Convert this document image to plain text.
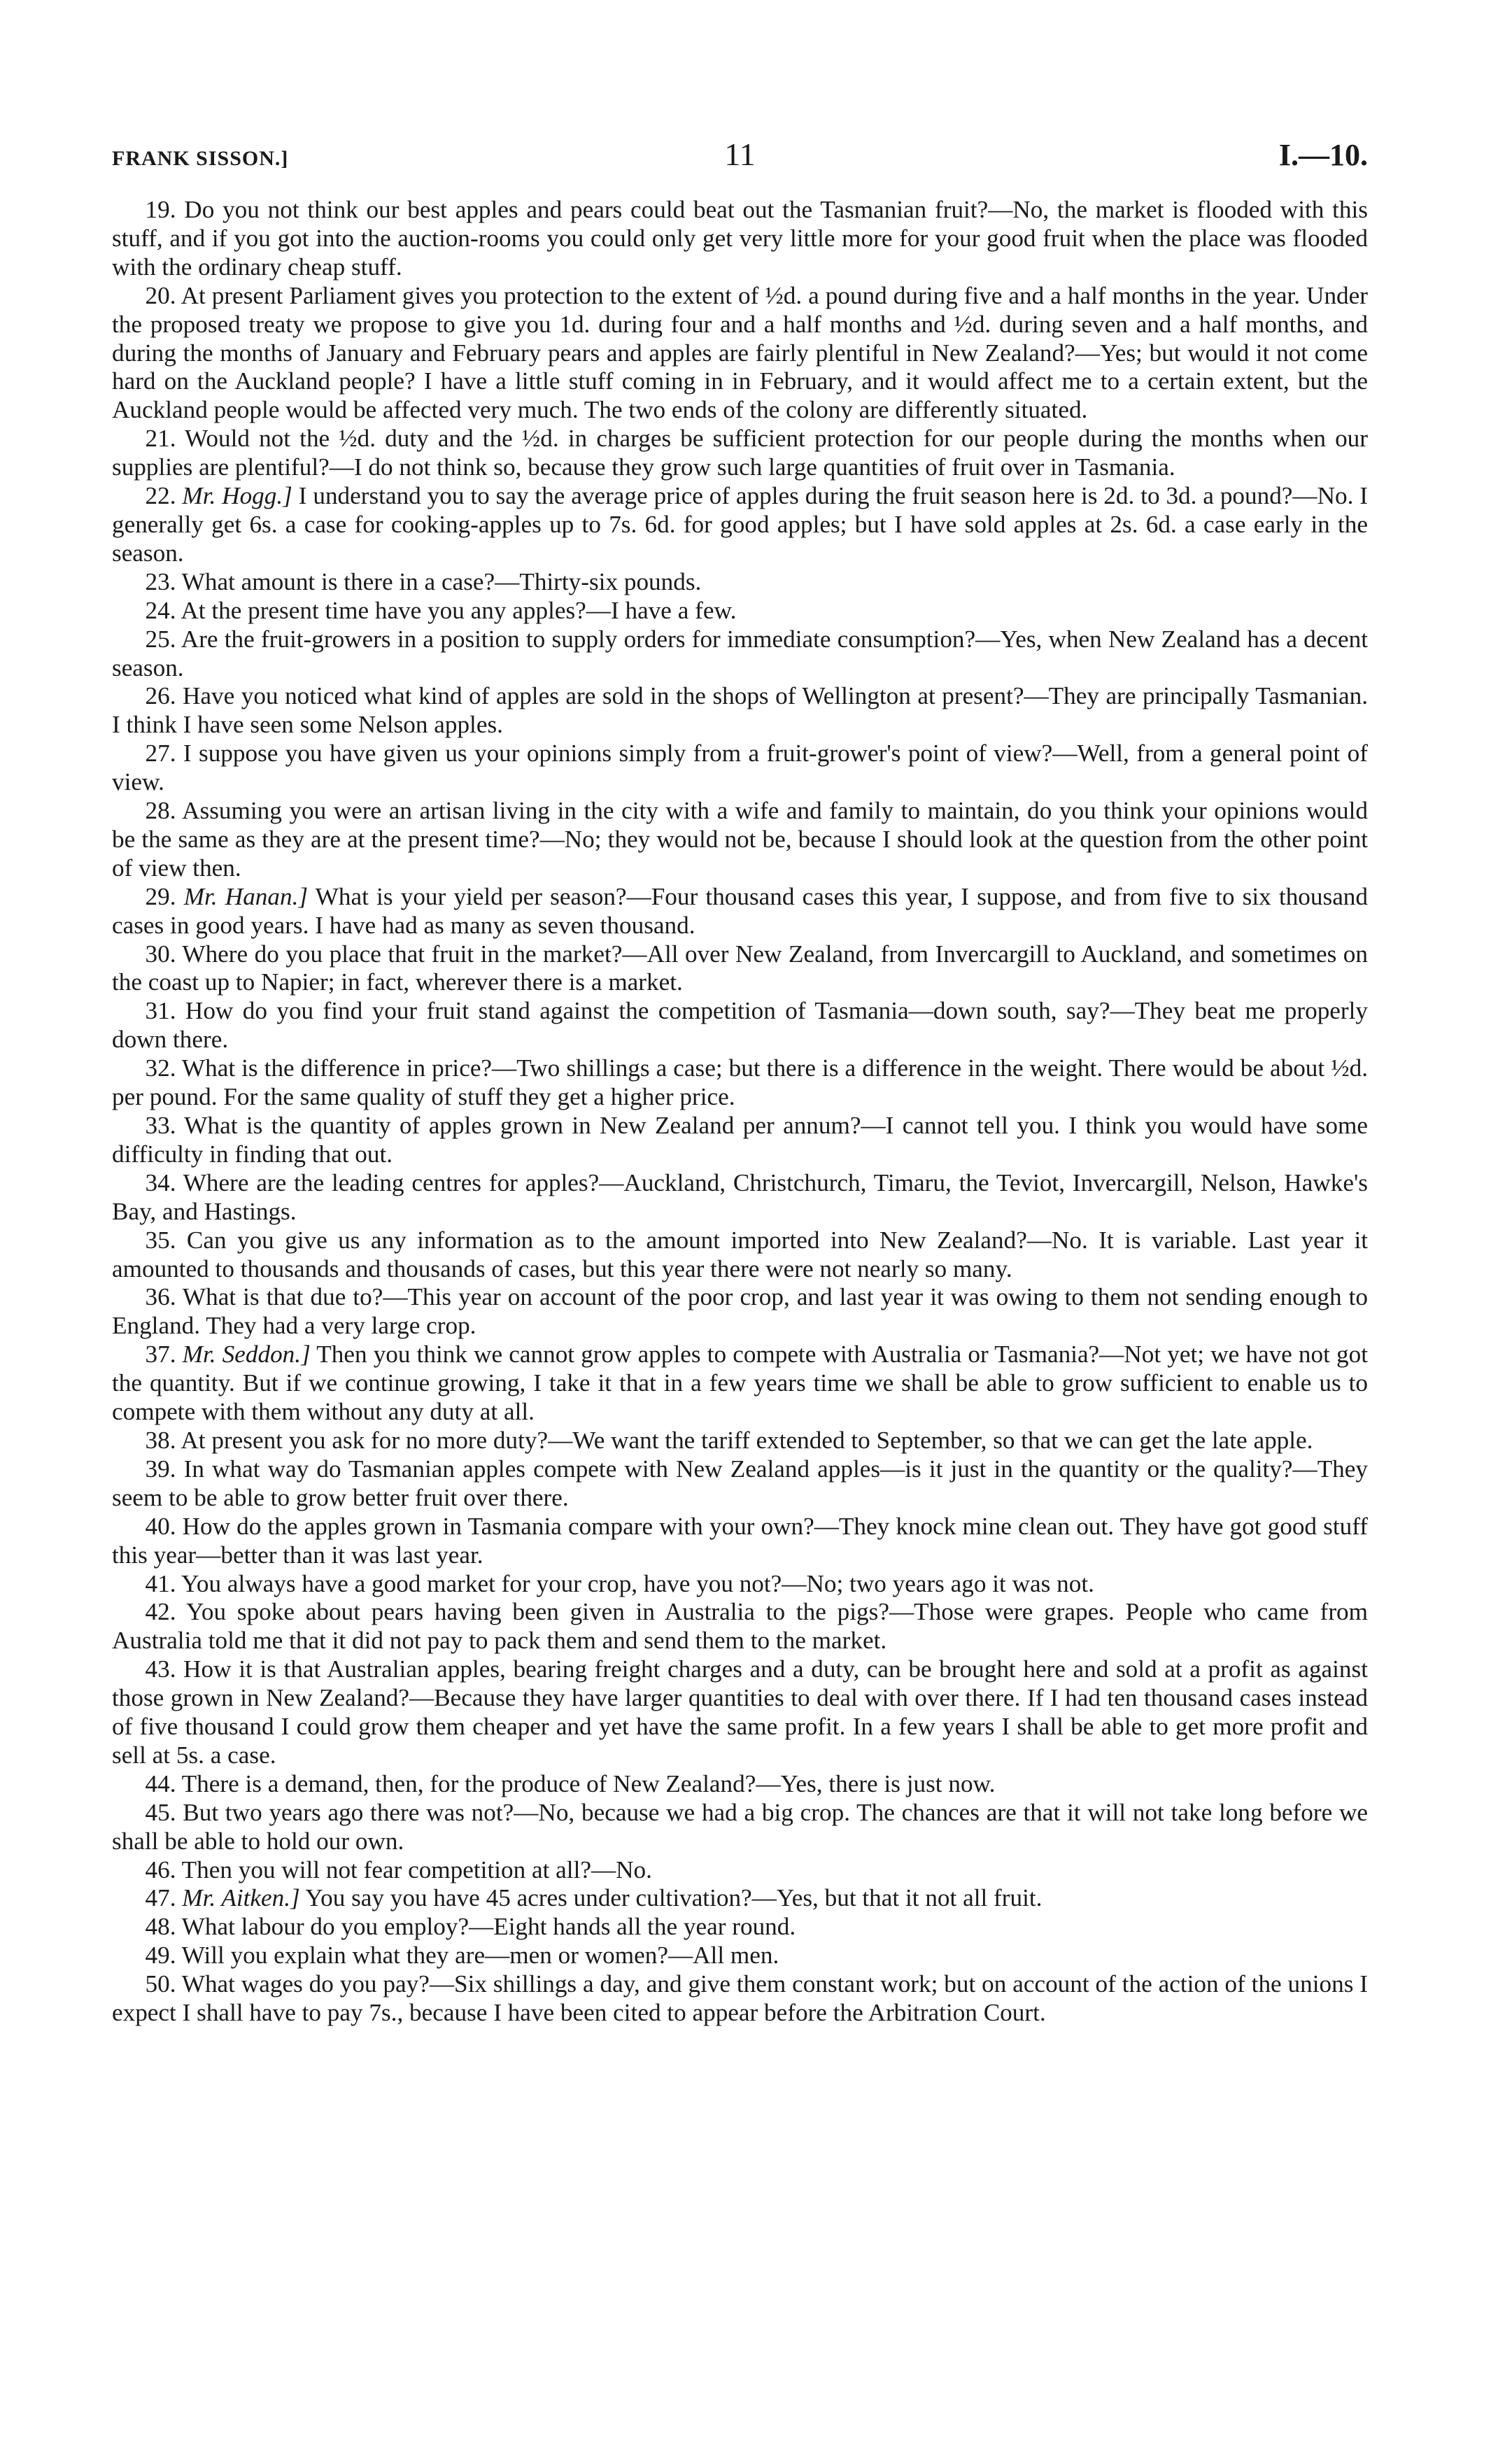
FRANK SISSON.]	11	I.—10.

19. Do you not think our best apples and pears could beat out the Tasmanian fruit?—No, the market is flooded with this stuff, and if you got into the auction-rooms you could only get very little more for your good fruit when the place was flooded with the ordinary cheap stuff.

20. At present Parliament gives you protection to the extent of ½d. a pound during five and a half months in the year. Under the proposed treaty we propose to give you 1d. during four and a half months and ½d. during seven and a half months, and during the months of January and February pears and apples are fairly plentiful in New Zealand?—Yes; but would it not come hard on the Auckland people? I have a little stuff coming in in February, and it would affect me to a certain extent, but the Auckland people would be affected very much. The two ends of the colony are differently situated.

21. Would not the ½d. duty and the ½d. in charges be sufficient protection for our people during the months when our supplies are plentiful?—I do not think so, because they grow such large quantities of fruit over in Tasmania.

22. Mr. Hogg.] I understand you to say the average price of apples during the fruit season here is 2d. to 3d. a pound?—No. I generally get 6s. a case for cooking-apples up to 7s. 6d. for good apples; but I have sold apples at 2s. 6d. a case early in the season.

23. What amount is there in a case?—Thirty-six pounds.

24. At the present time have you any apples?—I have a few.

25. Are the fruit-growers in a position to supply orders for immediate consumption?—Yes, when New Zealand has a decent season.

26. Have you noticed what kind of apples are sold in the shops of Wellington at present?—They are principally Tasmanian. I think I have seen some Nelson apples.

27. I suppose you have given us your opinions simply from a fruit-grower's point of view?—Well, from a general point of view.

28. Assuming you were an artisan living in the city with a wife and family to maintain, do you think your opinions would be the same as they are at the present time?—No; they would not be, because I should look at the question from the other point of view then.

29. Mr. Hanan.] What is your yield per season?—Four thousand cases this year, I suppose, and from five to six thousand cases in good years. I have had as many as seven thousand.

30. Where do you place that fruit in the market?—All over New Zealand, from Invercargill to Auckland, and sometimes on the coast up to Napier; in fact, wherever there is a market.

31. How do you find your fruit stand against the competition of Tasmania—down south, say?—They beat me properly down there.

32. What is the difference in price?—Two shillings a case; but there is a difference in the weight. There would be about ½d. per pound. For the same quality of stuff they get a higher price.

33. What is the quantity of apples grown in New Zealand per annum?—I cannot tell you. I think you would have some difficulty in finding that out.

34. Where are the leading centres for apples?—Auckland, Christchurch, Timaru, the Teviot, Invercargill, Nelson, Hawke's Bay, and Hastings.

35. Can you give us any information as to the amount imported into New Zealand?—No. It is variable. Last year it amounted to thousands and thousands of cases, but this year there were not nearly so many.

36. What is that due to?—This year on account of the poor crop, and last year it was owing to them not sending enough to England. They had a very large crop.

37. Mr. Seddon.] Then you think we cannot grow apples to compete with Australia or Tasmania?—Not yet; we have not got the quantity. But if we continue growing, I take it that in a few years time we shall be able to grow sufficient to enable us to compete with them without any duty at all.

38. At present you ask for no more duty?—We want the tariff extended to September, so that we can get the late apple.

39. In what way do Tasmanian apples compete with New Zealand apples—is it just in the quantity or the quality?—They seem to be able to grow better fruit over there.

40. How do the apples grown in Tasmania compare with your own?—They knock mine clean out. They have got good stuff this year—better than it was last year.

41. You always have a good market for your crop, have you not?—No; two years ago it was not.

42. You spoke about pears having been given in Australia to the pigs?—Those were grapes. People who came from Australia told me that it did not pay to pack them and send them to the market.

43. How it is that Australian apples, bearing freight charges and a duty, can be brought here and sold at a profit as against those grown in New Zealand?—Because they have larger quantities to deal with over there. If I had ten thousand cases instead of five thousand I could grow them cheaper and yet have the same profit. In a few years I shall be able to get more profit and sell at 5s. a case.

44. There is a demand, then, for the produce of New Zealand?—Yes, there is just now.

45. But two years ago there was not?—No, because we had a big crop. The chances are that it will not take long before we shall be able to hold our own.

46. Then you will not fear competition at all?—No.

47. Mr. Aitken.] You say you have 45 acres under cultivation?—Yes, but that it not all fruit.

48. What labour do you employ?—Eight hands all the year round.

49. Will you explain what they are—men or women?—All men.

50. What wages do you pay?—Six shillings a day, and give them constant work; but on account of the action of the unions I expect I shall have to pay 7s., because I have been cited to appear before the Arbitration Court.
